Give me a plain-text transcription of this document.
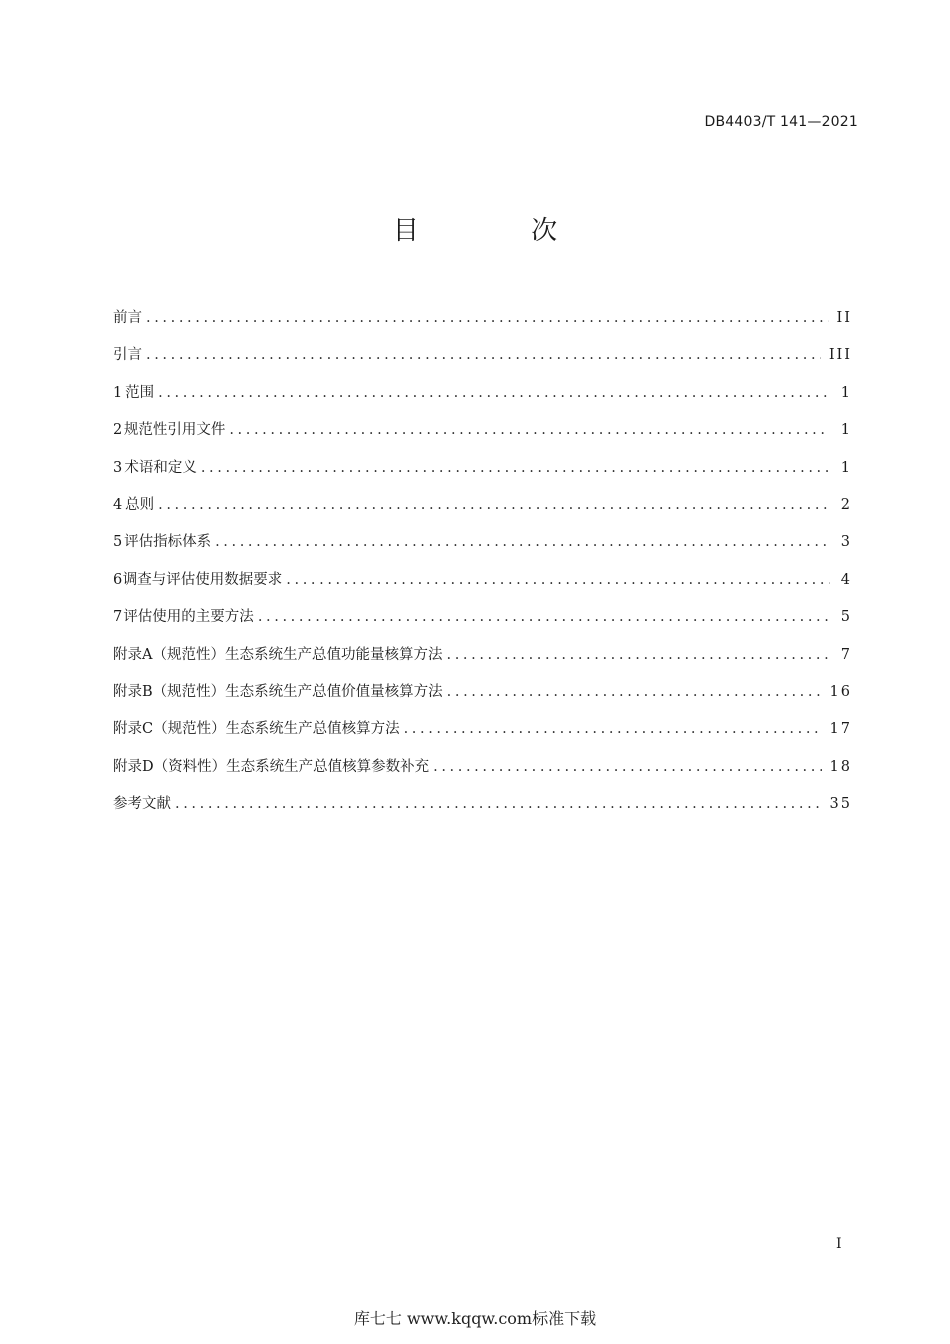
DB4403/T 141—2021
目 次
前言 .....	II
引言 .....	III
1 范围 .....	1
2 规范性引用文件 .....	1
3 术语和定义 .....	1
4 总则 .....	2
5 评估指标体系 .....	3
6 调查与评估使用数据要求 .....	4
7 评估使用的主要方法 .....	5
附录A（规范性）生态系统生产总值功能量核算方法 .....	7
附录B（规范性）生态系统生产总值价值量核算方法 .....	16
附录C（规范性）生态系统生产总值核算方法 .....	17
附录D（资料性）生态系统生产总值核算参数补充 .....	18
参考文献 .....	35
I
库七七 www.kqqw.com标准下载
